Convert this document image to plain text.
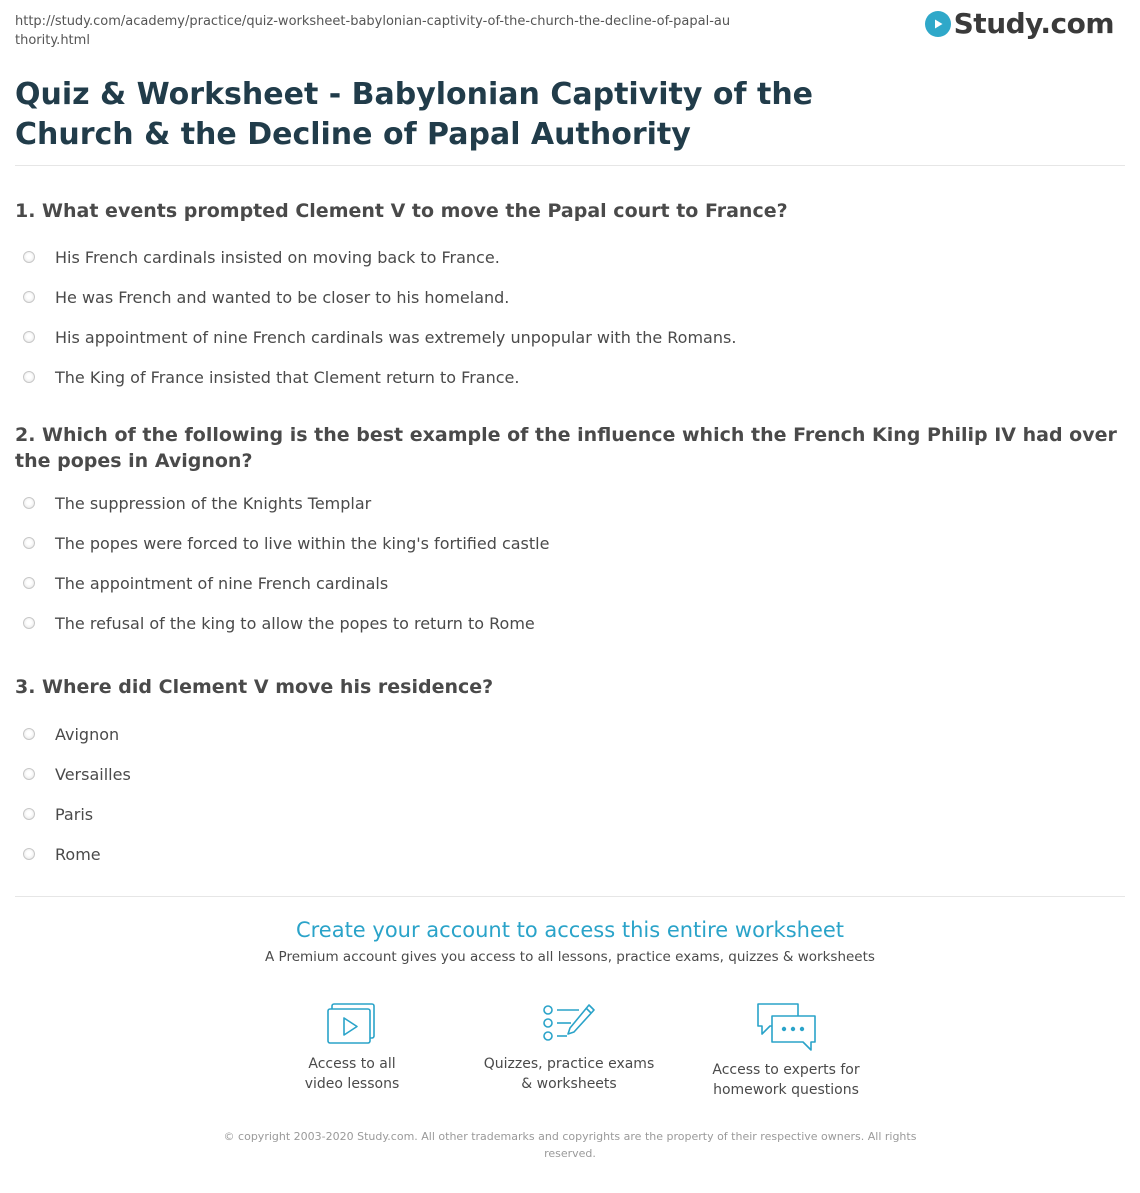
http://study.com/academy/practice/quiz-worksheet-babylonian-captivity-of-the-church-the-decline-of-papal-authority.html
Study.com
Quiz & Worksheet - Babylonian Captivity of the Church & the Decline of Papal Authority
1. What events prompted Clement V to move the Papal court to France?
His French cardinals insisted on moving back to France.
He was French and wanted to be closer to his homeland.
His appointment of nine French cardinals was extremely unpopular with the Romans.
The King of France insisted that Clement return to France.
2. Which of the following is the best example of the influence which the French King Philip IV had over the popes in Avignon?
The suppression of the Knights Templar
The popes were forced to live within the king's fortified castle
The appointment of nine French cardinals
The refusal of the king to allow the popes to return to Rome
3. Where did Clement V move his residence?
Avignon
Versailles
Paris
Rome
Create your account to access this entire worksheet
A Premium account gives you access to all lessons, practice exams, quizzes & worksheets
Access to all
video lessons
Quizzes, practice exams
& worksheets
Access to experts for
homework questions
© copyright 2003-2020 Study.com. All other trademarks and copyrights are the property of their respective owners. All rights reserved.
